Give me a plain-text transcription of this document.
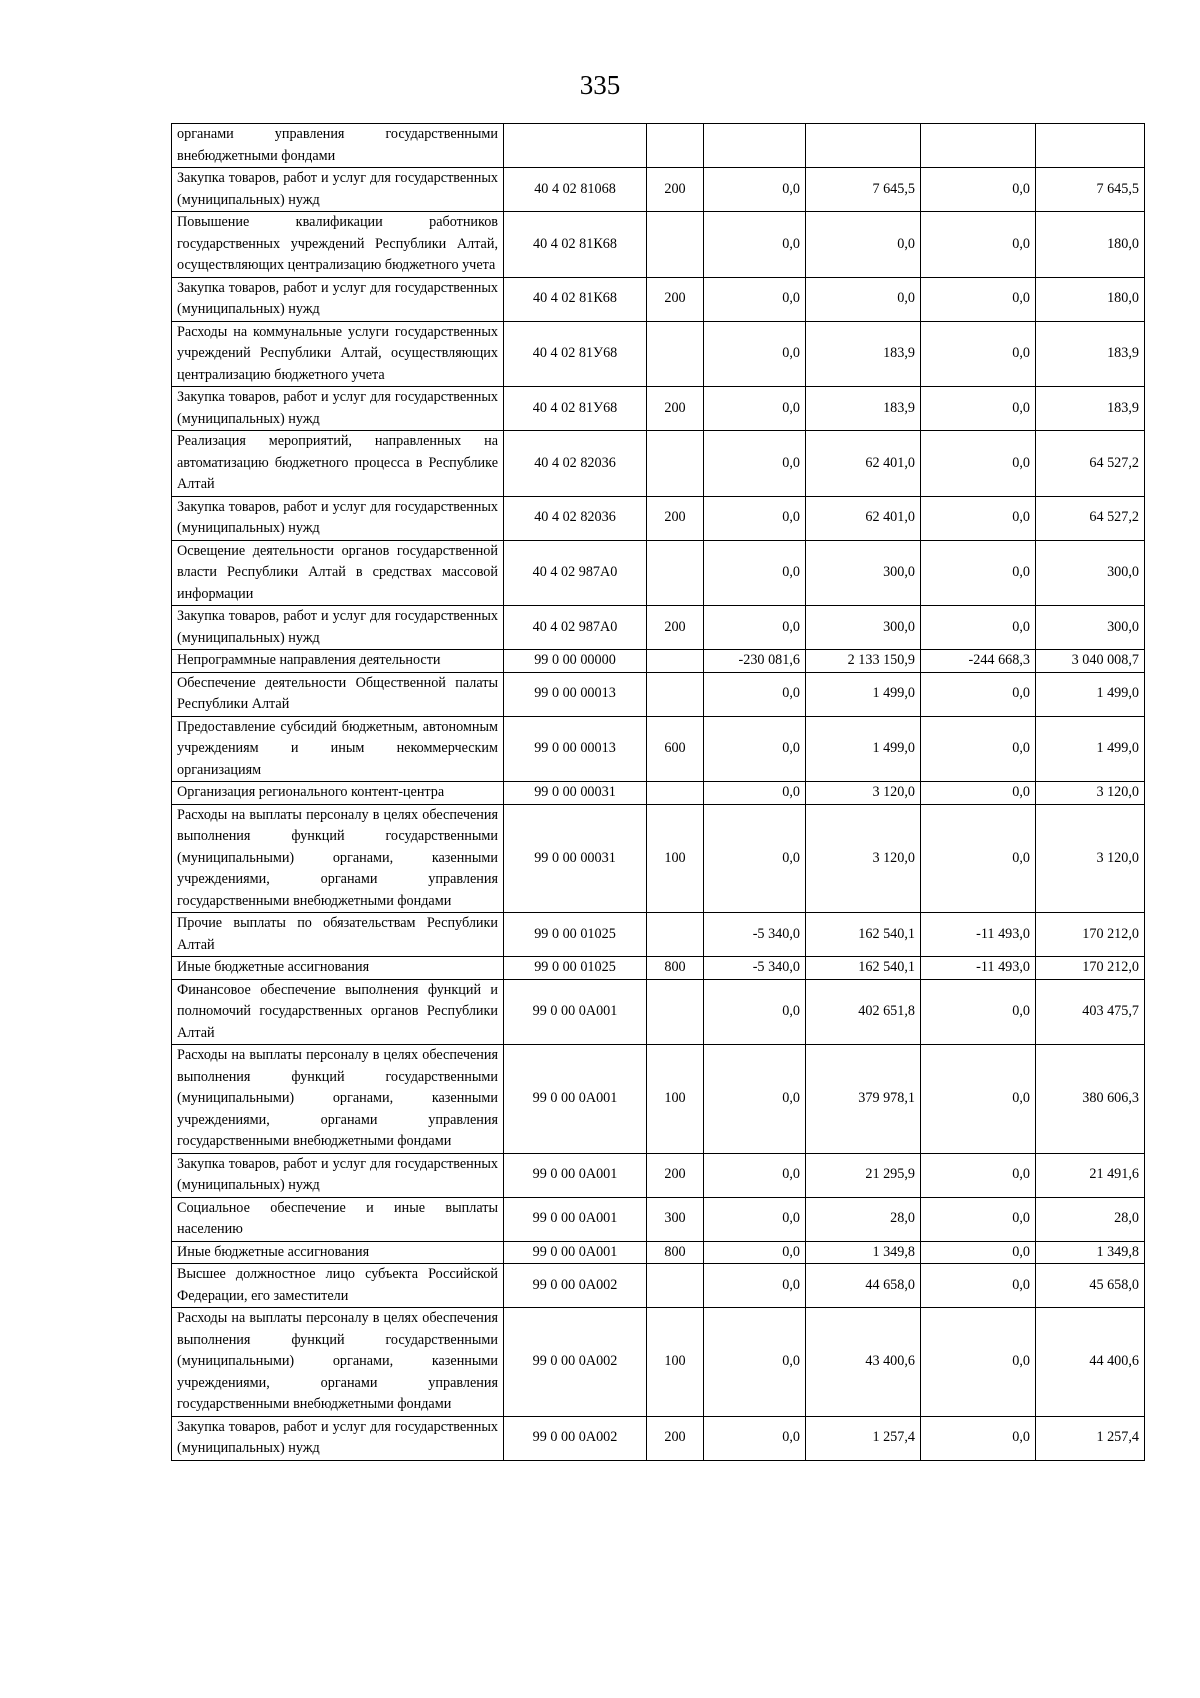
335
органами управления государственными внебюджетными фондами						
Закупка товаров, работ и услуг для государственных (муниципальных) нужд	40 4 02 81068	200	0,0	7 645,5	0,0	7 645,5
Повышение квалификации работников государственных учреждений Республики Алтай, осуществляющих централизацию бюджетного учета	40 4 02 81К68		0,0	0,0	0,0	180,0
Закупка товаров, работ и услуг для государственных (муниципальных) нужд	40 4 02 81К68	200	0,0	0,0	0,0	180,0
Расходы на коммунальные услуги государственных учреждений Республики Алтай, осуществляющих централизацию бюджетного учета	40 4 02 81У68		0,0	183,9	0,0	183,9
Закупка товаров, работ и услуг для государственных (муниципальных) нужд	40 4 02 81У68	200	0,0	183,9	0,0	183,9
Реализация мероприятий, направленных на автоматизацию бюджетного процесса в Республике Алтай	40 4 02 82036		0,0	62 401,0	0,0	64 527,2
Закупка товаров, работ и услуг для государственных (муниципальных) нужд	40 4 02 82036	200	0,0	62 401,0	0,0	64 527,2
Освещение деятельности органов государственной власти Республики Алтай в средствах массовой информации	40 4 02 987А0		0,0	300,0	0,0	300,0
Закупка товаров, работ и услуг для государственных (муниципальных) нужд	40 4 02 987А0	200	0,0	300,0	0,0	300,0
Непрограммные направления деятельности	99 0 00 00000		-230 081,6	2 133 150,9	-244 668,3	3 040 008,7
Обеспечение деятельности Общественной палаты Республики Алтай	99 0 00 00013		0,0	1 499,0	0,0	1 499,0
Предоставление субсидий бюджетным, автономным учреждениям и иным некоммерческим организациям	99 0 00 00013	600	0,0	1 499,0	0,0	1 499,0
Организация регионального контент-центра	99 0 00 00031		0,0	3 120,0	0,0	3 120,0
Расходы на выплаты персоналу в целях обеспечения выполнения функций государственными (муниципальными) органами, казенными учреждениями, органами управления государственными внебюджетными фондами	99 0 00 00031	100	0,0	3 120,0	0,0	3 120,0
Прочие выплаты по обязательствам Республики Алтай	99 0 00 01025		-5 340,0	162 540,1	-11 493,0	170 212,0
Иные бюджетные ассигнования	99 0 00 01025	800	-5 340,0	162 540,1	-11 493,0	170 212,0
Финансовое обеспечение выполнения функций и полномочий государственных органов Республики Алтай	99 0 00 0А001		0,0	402 651,8	0,0	403 475,7
Расходы на выплаты персоналу в целях обеспечения выполнения функций государственными (муниципальными) органами, казенными учреждениями, органами управления государственными внебюджетными фондами	99 0 00 0А001	100	0,0	379 978,1	0,0	380 606,3
Закупка товаров, работ и услуг для государственных (муниципальных) нужд	99 0 00 0А001	200	0,0	21 295,9	0,0	21 491,6
Социальное обеспечение и иные выплаты населению	99 0 00 0А001	300	0,0	28,0	0,0	28,0
Иные бюджетные ассигнования	99 0 00 0А001	800	0,0	1 349,8	0,0	1 349,8
Высшее должностное лицо субъекта Российской Федерации, его заместители	99 0 00 0А002		0,0	44 658,0	0,0	45 658,0
Расходы на выплаты персоналу в целях обеспечения выполнения функций государственными (муниципальными) органами, казенными учреждениями, органами управления государственными внебюджетными фондами	99 0 00 0А002	100	0,0	43 400,6	0,0	44 400,6
Закупка товаров, работ и услуг для государственных (муниципальных) нужд	99 0 00 0А002	200	0,0	1 257,4	0,0	1 257,4
